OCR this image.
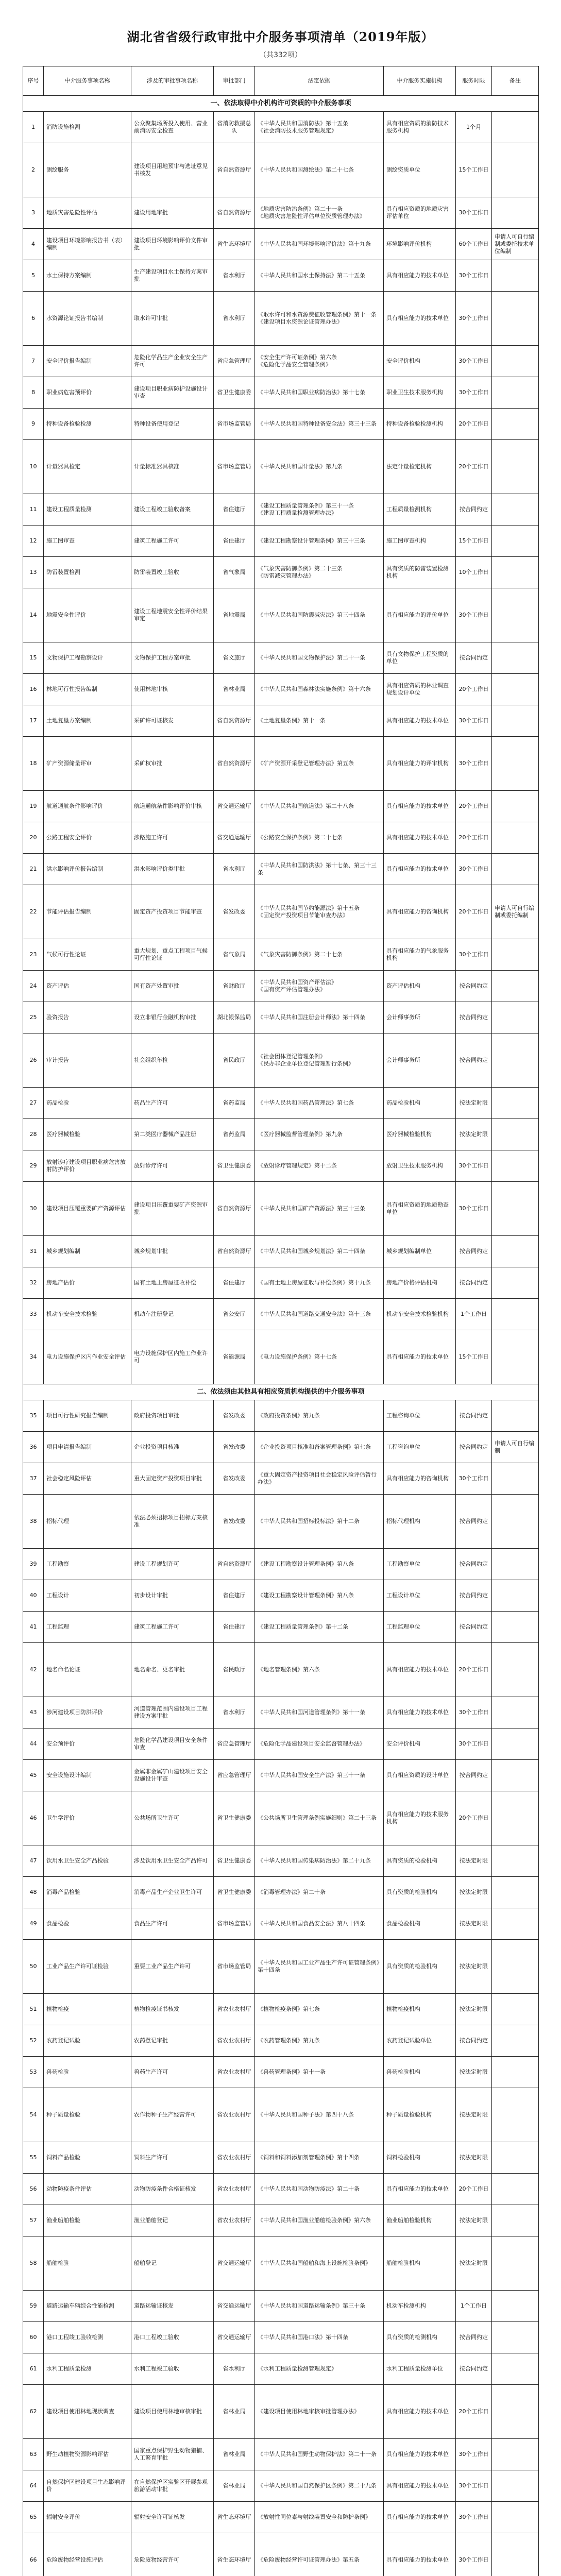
湖北省省级行政审批中介服务事项清单（2019年版）
（共332项）
序号	中介服务事项名称	涉及的审批事项名称	审批部门	法定依据	中介服务实施机构	服务时限	备注
一、依法取得中介机构许可资质的中介服务事项							
1	消防设施检测	公众聚集场所投入使用、营业前消防安全检查	省消防救援总队	《中华人民共和国消防法》第十五条
《社会消防技术服务管理规定》	具有相应资质的消防技术服务机构	1个月	
2	测绘服务	建设项目用地预审与选址意见书核发	省自然资源厅	《中华人民共和国测绘法》第二十七条	测绘资质单位	15个工作日	
3	地质灾害危险性评估	建设用地审批	省自然资源厅	《地质灾害防治条例》第二十一条
《地质灾害危险性评估单位资质管理办法》	具有相应资质的地质灾害评估单位	30个工作日	
4	建设项目环境影响报告书（表）编制	建设项目环境影响评价文件审批	省生态环境厅	《中华人民共和国环境影响评价法》第十九条	环境影响评价机构	60个工作日	申请人可自行编制或委托技术单位编制
5	水土保持方案编制	生产建设项目水土保持方案审批	省水利厅	《中华人民共和国水土保持法》第二十五条	具有相应能力的技术单位	30个工作日	
6	水资源论证报告书编制	取水许可审批	省水利厅	《取水许可和水资源费征收管理条例》第十一条
《建设项目水资源论证管理办法》	具有相应能力的技术单位	30个工作日	
7	安全评价报告编制	危险化学品生产企业安全生产许可	省应急管理厅	《安全生产许可证条例》第六条
《危险化学品安全管理条例》	安全评价机构	30个工作日	
8	职业病危害预评价	建设项目职业病防护设施设计审查	省卫生健康委	《中华人民共和国职业病防治法》第十七条	职业卫生技术服务机构	30个工作日	
9	特种设备检验检测	特种设备使用登记	省市场监管局	《中华人民共和国特种设备安全法》第三十三条	特种设备检验检测机构	20个工作日	
10	计量器具检定	计量标准器具核准	省市场监管局	《中华人民共和国计量法》第九条	法定计量检定机构	20个工作日	
11	建设工程质量检测	建设工程竣工验收备案	省住建厅	《建设工程质量管理条例》第三十一条
《建设工程质量检测管理办法》	工程质量检测机构	按合同约定	
12	施工图审查	建筑工程施工许可	省住建厅	《建设工程勘察设计管理条例》第三十三条	施工图审查机构	15个工作日	
13	防雷装置检测	防雷装置竣工验收	省气象局	《气象灾害防御条例》第二十三条
《防雷减灾管理办法》	具有资质的防雷装置检测机构	10个工作日	
14	地震安全性评价	建设工程地震安全性评价结果审定	省地震局	《中华人民共和国防震减灾法》第三十四条	具有相应能力的评价单位	30个工作日	
15	文物保护工程勘察设计	文物保护工程方案审批	省文旅厅	《中华人民共和国文物保护法》第二十一条	具有文物保护工程资质的单位	按合同约定	
16	林地可行性报告编制	使用林地审核	省林业局	《中华人民共和国森林法实施条例》第十六条	具有相应资质的林业调查规划设计单位	20个工作日	
17	土地复垦方案编制	采矿许可证核发	省自然资源厅	《土地复垦条例》第十一条	具有相应能力的技术单位	30个工作日	
18	矿产资源储量评审	采矿权审批	省自然资源厅	《矿产资源开采登记管理办法》第五条	具有相应能力的评审机构	30个工作日	
19	航道通航条件影响评价	航道通航条件影响评价审核	省交通运输厅	《中华人民共和国航道法》第二十八条	具有相应能力的技术单位	20个工作日	
20	公路工程安全评价	涉路施工许可	省交通运输厅	《公路安全保护条例》第二十七条	具有相应能力的技术单位	20个工作日	
21	洪水影响评价报告编制	洪水影响评价类审批	省水利厅	《中华人民共和国防洪法》第十七条、第三十三条	具有相应能力的技术单位	30个工作日	
22	节能评估报告编制	固定资产投资项目节能审查	省发改委	《中华人民共和国节约能源法》第十五条
《固定资产投资项目节能审查办法》	具有相应能力的咨询机构	20个工作日	申请人可自行编制或委托编制
23	气候可行性论证	重大规划、重点工程项目气候可行性论证	省气象局	《气象灾害防御条例》第二十七条	具有相应能力的气象服务机构	30个工作日	
24	资产评估	国有资产处置审批	省财政厅	《中华人民共和国资产评估法》
《国有资产评估管理办法》	资产评估机构	按合同约定	
25	验资报告	设立非银行金融机构审批	湖北银保监局	《中华人民共和国注册会计师法》第十四条	会计师事务所	按合同约定	
26	审计报告	社会组织年检	省民政厅	《社会团体登记管理条例》
《民办非企业单位登记管理暂行条例》	会计师事务所	按合同约定	
27	药品检验	药品生产许可	省药监局	《中华人民共和国药品管理法》第七条	药品检验机构	按法定时限	
28	医疗器械检验	第二类医疗器械产品注册	省药监局	《医疗器械监督管理条例》第九条	医疗器械检验机构	按法定时限	
29	放射诊疗建设项目职业病危害放射防护评价	放射诊疗许可	省卫生健康委	《放射诊疗管理规定》第十二条	放射卫生技术服务机构	30个工作日	
30	建设项目压覆重要矿产资源评估	建设项目压覆重要矿产资源审批	省自然资源厅	《中华人民共和国矿产资源法》第三十三条	具有相应资质的地质勘查单位	30个工作日	
31	城乡规划编制	城乡规划审批	省自然资源厅	《中华人民共和国城乡规划法》第二十四条	城乡规划编制单位	按合同约定	
32	房地产估价	国有土地上房屋征收补偿	省住建厅	《国有土地上房屋征收与补偿条例》第十九条	房地产价格评估机构	按合同约定	
33	机动车安全技术检验	机动车注册登记	省公安厅	《中华人民共和国道路交通安全法》第十三条	机动车安全技术检验机构	1个工作日	
34	电力设施保护区内作业安全评估	电力设施保护区内施工作业许可	省能源局	《电力设施保护条例》第十七条	具有相应能力的技术单位	15个工作日	
二、依法须由其他具有相应资质机构提供的中介服务事项							
35	项目可行性研究报告编制	政府投资项目审批	省发改委	《政府投资条例》第九条	工程咨询单位	按合同约定	
36	项目申请报告编制	企业投资项目核准	省发改委	《企业投资项目核准和备案管理条例》第七条	工程咨询单位	按合同约定	申请人可自行编制
37	社会稳定风险评估	重大固定资产投资项目审批	省发改委	《重大固定资产投资项目社会稳定风险评估暂行办法》	具有相应能力的咨询机构	30个工作日	
38	招标代理	依法必须招标项目招标方案核准	省发改委	《中华人民共和国招标投标法》第十二条	招标代理机构	按合同约定	
39	工程勘察	建设工程规划许可	省自然资源厅	《建设工程勘察设计管理条例》第八条	工程勘察单位	按合同约定	
40	工程设计	初步设计审批	省住建厅	《建设工程勘察设计管理条例》第八条	工程设计单位	按合同约定	
41	工程监理	建筑工程施工许可	省住建厅	《建设工程质量管理条例》第十二条	工程监理单位	按合同约定	
42	地名命名论证	地名命名、更名审批	省民政厅	《地名管理条例》第六条	具有相应能力的技术单位	20个工作日	
43	涉河建设项目防洪评价	河道管理范围内建设项目工程建设方案审批	省水利厅	《中华人民共和国河道管理条例》第十一条	具有相应能力的技术单位	30个工作日	
44	安全预评价	危险化学品建设项目安全条件审查	省应急管理厅	《危险化学品建设项目安全监督管理办法》	安全评价机构	30个工作日	
45	安全设施设计编制	金属非金属矿山建设项目安全设施设计审查	省应急管理厅	《中华人民共和国安全生产法》第三十一条	具有相应资质的设计单位	按合同约定	
46	卫生学评价	公共场所卫生许可	省卫生健康委	《公共场所卫生管理条例实施细则》第二十三条	具有相应能力的技术服务机构	20个工作日	
47	饮用水卫生安全产品检验	涉及饮用水卫生安全产品许可	省卫生健康委	《中华人民共和国传染病防治法》第二十九条	具有资质的检验机构	按法定时限	
48	消毒产品检验	消毒产品生产企业卫生许可	省卫生健康委	《消毒管理办法》第二十条	具有资质的检验机构	按法定时限	
49	食品检验	食品生产许可	省市场监管局	《中华人民共和国食品安全法》第八十四条	食品检验机构	按法定时限	
50	工业产品生产许可证检验	重要工业产品生产许可	省市场监管局	《中华人民共和国工业产品生产许可证管理条例》第十四条	具有资质的检验机构	按法定时限	
51	植物检疫	植物检疫证书核发	省农业农村厅	《植物检疫条例》第七条	植物检疫机构	按法定时限	
52	农药登记试验	农药登记审批	省农业农村厅	《农药管理条例》第九条	农药登记试验单位	按合同约定	
53	兽药检验	兽药生产许可	省农业农村厅	《兽药管理条例》第十一条	兽药检验机构	按法定时限	
54	种子质量检验	农作物种子生产经营许可	省农业农村厅	《中华人民共和国种子法》第四十八条	种子质量检验机构	按法定时限	
55	饲料产品检验	饲料生产许可	省农业农村厅	《饲料和饲料添加剂管理条例》第十四条	饲料检验机构	按法定时限	
56	动物防疫条件评估	动物防疫条件合格证核发	省农业农村厅	《中华人民共和国动物防疫法》第二十条	具有相应能力的技术单位	20个工作日	
57	渔业船舶检验	渔业船舶登记	省农业农村厅	《中华人民共和国渔业船舶检验条例》第六条	渔业船舶检验机构	按法定时限	
58	船舶检验	船舶登记	省交通运输厅	《中华人民共和国船舶和海上设施检验条例》	船舶检验机构	按法定时限	
59	道路运输车辆综合性能检测	道路运输证核发	省交通运输厅	《中华人民共和国道路运输条例》第三十条	机动车检测机构	1个工作日	
60	港口工程竣工验收检测	港口工程竣工验收	省交通运输厅	《中华人民共和国港口法》第十四条	具有资质的检测机构	按合同约定	
61	水利工程质量检测	水利工程竣工验收	省水利厅	《水利工程质量检测管理规定》	水利工程质量检测单位	按合同约定	
62	建设项目使用林地现状调查	建设项目使用林地审核审批	省林业局	《建设项目使用林地审核审批管理办法》	具有相应能力的技术单位	20个工作日	
63	野生动植物资源影响评估	国家重点保护野生动物猎捕、人工繁育审批	省林业局	《中华人民共和国野生动物保护法》第二十一条	具有相应能力的技术单位	30个工作日	
64	自然保护区建设项目生态影响评价	在自然保护区实验区开展参观旅游活动审批	省林业局	《中华人民共和国自然保护区条例》第二十九条	具有相应能力的技术单位	30个工作日	
65	辐射安全评价	辐射安全许可证核发	省生态环境厅	《放射性同位素与射线装置安全和防护条例》	具有相应能力的技术单位	30个工作日	
66	危险废物经营设施评估	危险废物经营许可	省生态环境厅	《危险废物经营许可证管理办法》第五条	具有相应能力的技术单位	30个工作日	
